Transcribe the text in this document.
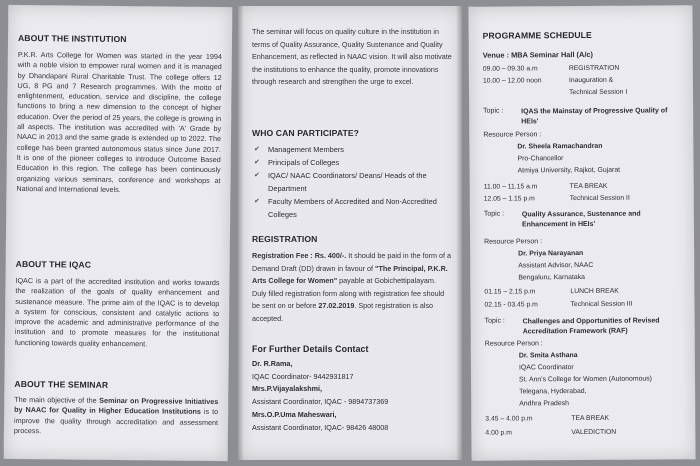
ABOUT THE INSTITUTION

P.K.R. Arts College for Women was started in the year 1994 with a noble vision to empower rural women and it is managed by Dhandapani Rural Charitable Trust. The college offers 12 UG, 8 PG and 7 Research programmes. With the motto of enlightenment, education, service and discipline, the college functions to bring a new dimension to the concept of higher education. Over the period of 25 years, the college is growing in all aspects. The institution was accredited with 'A' Grade by NAAC in 2013 and the same grade is extended up to 2022. The college has been granted autonomous status since June 2017. It is one of the pioneer colleges to introduce Outcome Based Education in this region. The college has been continuously organizing various seminars, conference and workshops at National and International levels.

ABOUT THE IQAC

IQAC is a part of the accredited institution and works towards the realization of the goals of quality enhancement and sustenance measure. The prime aim of the IQAC is to develop a system for conscious, consistent and catalytic actions to improve the academic and administrative performance of the institution and to promote measures for the institutional functioning towards quality enhancement.

ABOUT THE SEMINAR

The main objective of the Seminar on Progressive Initiatives by NAAC for Quality in Higher Education Institutions is to improve the quality through accreditation and assessment process.

The seminar will focus on quality culture in the institution in terms of Quality Assurance, Quality Sustenance and Quality Enhancement, as reflected in NAAC vision. It will also motivate the institutions to enhance the quality, promote innovations through research and strengthen the urge to excel.

WHO CAN PARTICIPATE?
✔ Management Members
✔ Principals of Colleges
✔ IQAC/ NAAC Coordinators/ Deans/ Heads of the Department
✔ Faculty Members of Accredited and Non-Accredited Colleges
REGISTRATION

Registration Fee : Rs. 400/-. It should be paid in the form of a Demand Draft (DD) drawn in favour of "The Principal, P.K.R. Arts College for Women" payable at Gobichettipalayam. Duly filled registration form along with registration fee should be sent on or before 27.02.2019. Spot registration is also accepted.

For Further Details Contact
Dr. R.Rama,
IQAC Coordinator- 9442931817
Mrs.P.Vijayalakshmi,
Assistant Coordinator, IQAC - 9894737369
Mrs.O.P.Uma Maheswari,
Assistant Coordinator, IQAC- 98426 48008
PROGRAMME SCHEDULE
Venue : MBA Seminar Hall (A/c)
09.00 – 09.30 a.m	REGISTRATION
10.00 – 12.00 noon	Inauguration &
Technical Session I
Topic :	IQAS the Mainstay of Progressive Quality of HEIs'
Resource Person :
Dr. Sheela Ramachandran
Pro-Chancellor
Atmiya University, Rajkot, Gujarat
11.00 – 11.15 a.m	TEA BREAK
12.05 – 1.15 p.m	Technical Session II
Topic :	Quality Assurance, Sustenance and Enhancement in HEIs'
Resource Person :
Dr. Priya Narayanan
Assistant Advisor, NAAC
Bengaluru, Karnataka
01.15 – 2.15 p.m	LUNCH BREAK
02.15 - 03.45 p.m	Technical Session III
Topic :	Challenges and Opportunities of Revised Accreditation Framework (RAF)
Resource Person :
Dr. Smita Asthana
IQAC Coordinator
St. Ann's College for Women (Autonomous)
Telegana, Hyderabad,
Andhra Pradesh
3.45 – 4.00 p.m	TEA BREAK
4.00 p.m	VALEDICTION
